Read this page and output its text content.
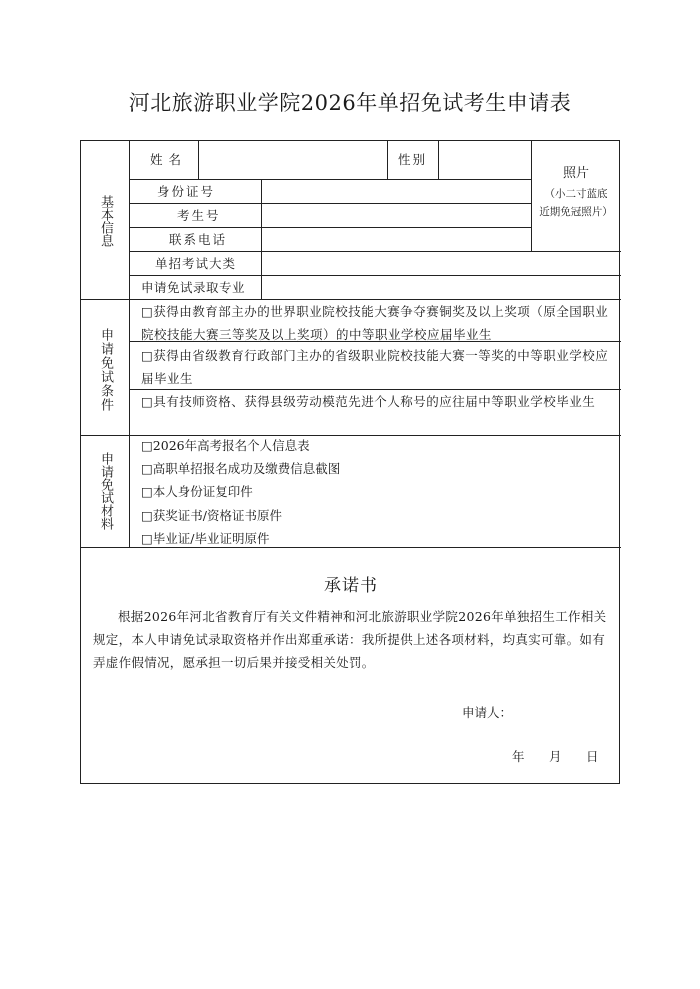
河北旅游职业学院2026年单招免试考生申请表
基本信息
姓名	性别
照片
（小二寸蓝底
近期免冠照片）
身份证号
考生号
联系电话
单招考试大类
申请免试录取专业
申请免试条件
□获得由教育部主办的世界职业院校技能大赛争夺赛铜奖及以上奖项（原全国职业院校技能大赛三等奖及以上奖项）的中等职业学校应届毕业生
□获得由省级教育行政部门主办的省级职业院校技能大赛一等奖的中等职业学校应届毕业生
□具有技师资格、获得县级劳动模范先进个人称号的应往届中等职业学校毕业生
申请免试材料
□2026年高考报名个人信息表
□高职单招报名成功及缴费信息截图
□本人身份证复印件
□获奖证书/资格证书原件
□毕业证/毕业证明原件
承诺书
根据2026年河北省教育厅有关文件精神和河北旅游职业学院2026年单独招生工作相关规定，本人申请免试录取资格并作出郑重承诺：我所提供上述各项材料，均真实可靠。如有弄虚作假情况，愿承担一切后果并接受相关处罚。
申请人：
年 月 日
